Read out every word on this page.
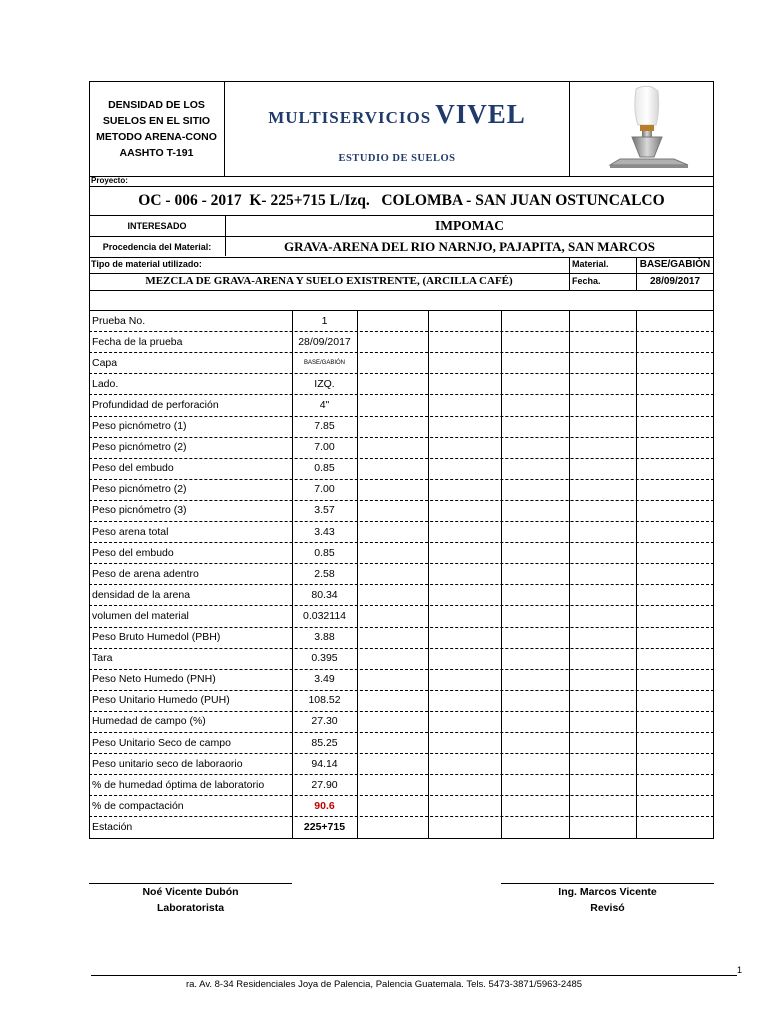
DENSIDAD DE LOS SUELOS EN EL SITIO METODO ARENA-CONO AASHTO T-191
MULTISERVICIOS VIVEL
ESTUDIO DE SUELOS
Proyecto:
OC - 006 - 2017  K- 225+715 L/Izq.   COLOMBA - SAN JUAN OSTUNCALCO
INTERESADO	IMPOMAC
Procedencia del Material:	GRAVA-ARENA DEL RIO NARNJO, PAJAPITA, SAN MARCOS
Tipo de material utilizado:	Material.	BASE/GABIÒN
MEZCLA DE GRAVA-ARENA Y SUELO EXISTRENTE, (ARCILLA CAFÉ)	Fecha.	28/09/2017
Prueba No.	1
Fecha de la prueba	28/09/2017
Capa	BASE/GABIÓN
Lado.	IZQ.
Profundidad de perforación	4"
Peso picnómetro (1)	7.85
Peso picnómetro (2)	7.00
Peso del embudo	0.85
Peso picnómetro (2)	7.00
Peso picnómetro (3)	3.57
Peso arena total	3.43
Peso del embudo	0.85
Peso de arena adentro	2.58
densidad de la arena	80.34
volumen del material	0.032114
Peso Bruto Humedol (PBH)	3.88
Tara	0.395
Peso Neto Humedo (PNH)	3.49
Peso Unitario Humedo (PUH)	108.52
Humedad de campo (%)	27.30
Peso Unitario Seco de campo	85.25
Peso unitario seco de laboraorio	94.14
% de humedad óptima de laboratorio	27.90
% de compactación	90.6
Estación	225+715
Noé Vicente Dubón
Laboratorista
Ing. Marcos Vicente
Revisó
1
ra. Av. 8-34 Residenciales Joya de Palencia, Palencia Guatemala. Tels. 5473-3871/5963-2485
